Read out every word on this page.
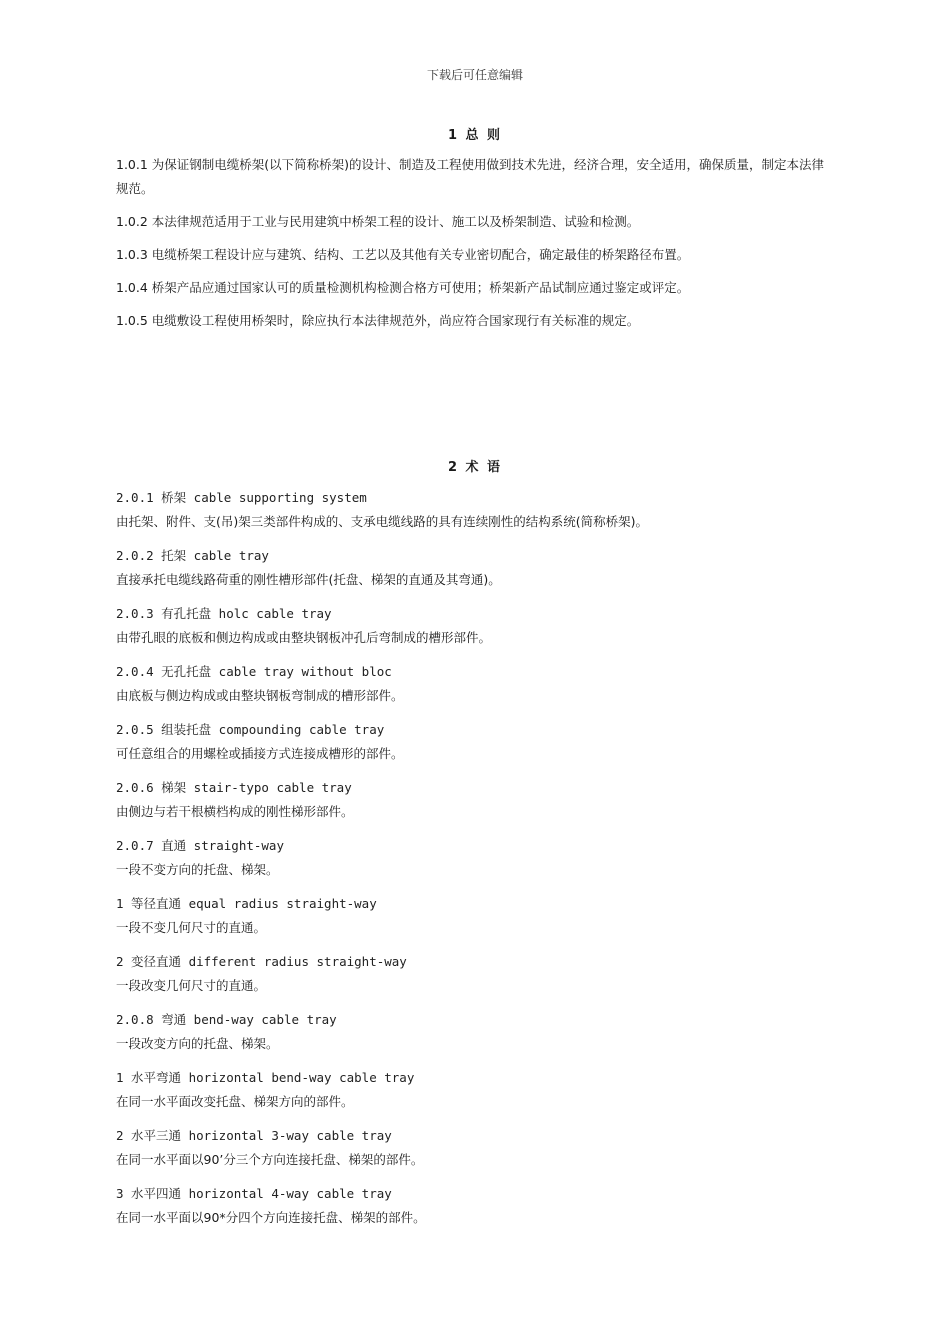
下载后可任意编辑
1 总 则

1.0.1 为保证钢制电缆桥架(以下简称桥架)的设计、制造及工程使用做到技术先进，经济合理，安全适用，确保质量，制定本法律规范。

1.0.2 本法律规范适用于工业与民用建筑中桥架工程的设计、施工以及桥架制造、试验和检测。

1.0.3 电缆桥架工程设计应与建筑、结构、工艺以及其他有关专业密切配合，确定最佳的桥架路径布置。

1.0.4 桥架产品应通过国家认可的质量检测机构检测合格方可使用；桥架新产品试制应通过鉴定或评定。

1.0.5 电缆敷设工程使用桥架时，除应执行本法律规范外，尚应符合国家现行有关标准的规定。

2 术 语
2.0.1 桥架 cable supporting system
由托架、附件、支(吊)架三类部件构成的、支承电缆线路的具有连续刚性的结构系统(简称桥架)。
2.0.2 托架 cable tray
直接承托电缆线路荷重的刚性槽形部件(托盘、梯架的直通及其弯通)。
2.0.3 有孔托盘 holc cable tray
由带孔眼的底板和侧边构成或由整块钢板冲孔后弯制成的槽形部件。
2.0.4 无孔托盘 cable tray without bloc
由底板与侧边构成或由整块钢板弯制成的槽形部件。
2.0.5 组装托盘 compounding cable tray
可任意组合的用螺栓或插接方式连接成槽形的部件。
2.0.6 梯架 stair-typo cable tray
由侧边与若干根横档构成的刚性梯形部件。
2.0.7 直通 straight-way
一段不变方向的托盘、梯架。
1 等径直通 equal radius straight-way
一段不变几何尺寸的直通。
2 变径直通 different radius straight-way
一段改变几何尺寸的直通。
2.0.8 弯通 bend-way cable tray
一段改变方向的托盘、梯架。
1 水平弯通 horizontal bend-way cable tray
在同一水平面改变托盘、梯架方向的部件。
2 水平三通 horizontal 3-way cable tray
在同一水平面以90’分三个方向连接托盘、梯架的部件。
3 水平四通 horizontal 4-way cable tray
在同一水平面以90*分四个方向连接托盘、梯架的部件。
